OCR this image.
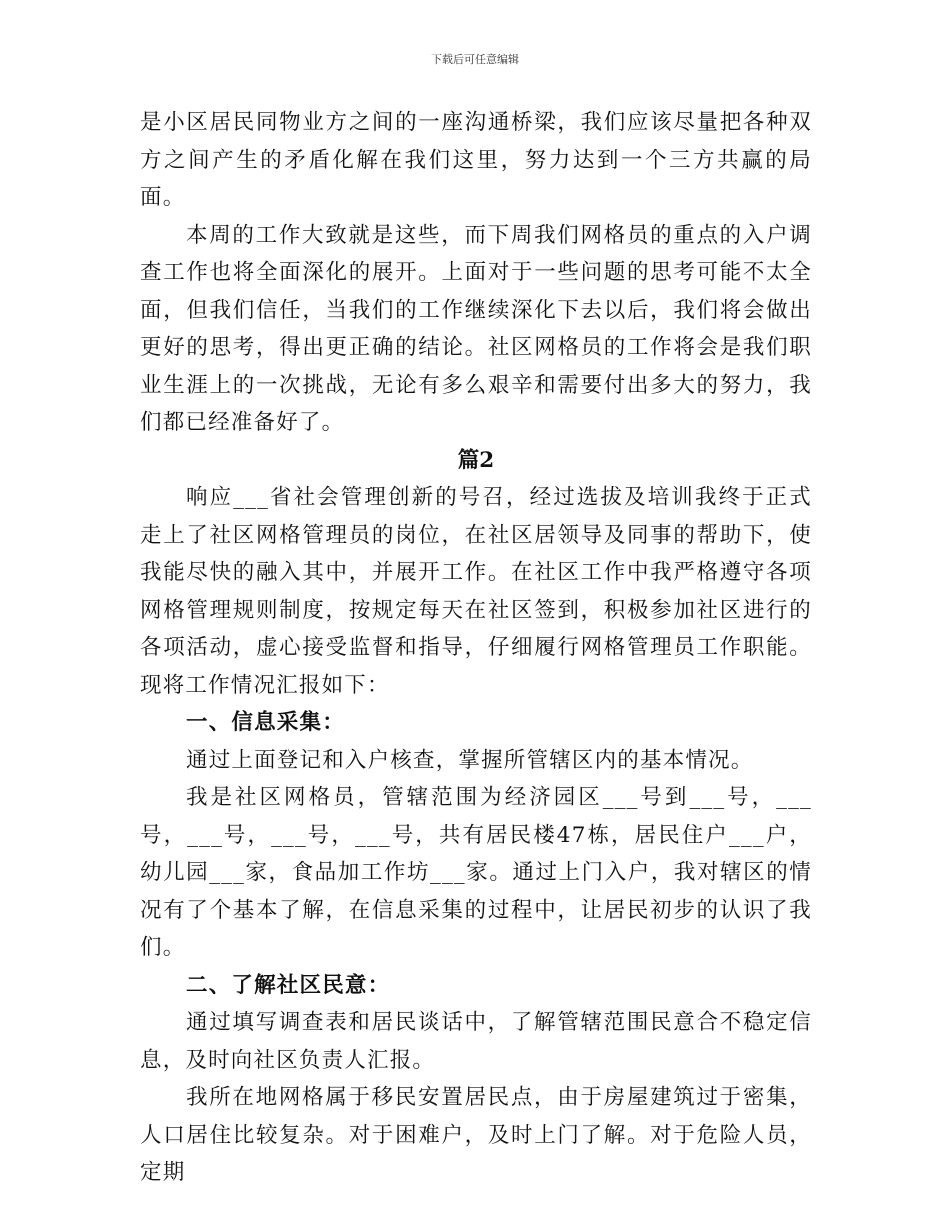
下载后可任意编辑

是小区居民同物业方之间的一座沟通桥梁，我们应该尽量把各种双方之间产生的矛盾化解在我们这里，努力达到一个三方共赢的局面。

本周的工作大致就是这些，而下周我们网格员的重点的入户调查工作也将全面深化的展开。上面对于一些问题的思考可能不太全面，但我们信任，当我们的工作继续深化下去以后，我们将会做出更好的思考，得出更正确的结论。社区网格员的工作将会是我们职业生涯上的一次挑战，无论有多么艰辛和需要付出多大的努力，我们都已经准备好了。

篇2

响应___省社会管理创新的号召，经过选拔及培训我终于正式走上了社区网格管理员的岗位，在社区居领导及同事的帮助下，使我能尽快的融入其中，并展开工作。在社区工作中我严格遵守各项网格管理规则制度，按规定每天在社区签到，积极参加社区进行的各项活动，虚心接受监督和指导，仔细履行网格管理员工作职能。现将工作情况汇报如下：

一、信息采集：

通过上面登记和入户核查，掌握所管辖区内的基本情况。

我是社区网格员，管辖范围为经济园区___号到___号，___号，___号，___号，___号，共有居民楼47栋，居民住户___户，幼儿园___家，食品加工作坊___家。通过上门入户，我对辖区的情况有了个基本了解，在信息采集的过程中，让居民初步的认识了我们。

二、了解社区民意：

通过填写调查表和居民谈话中，了解管辖范围民意合不稳定信息，及时向社区负责人汇报。

我所在地网格属于移民安置居民点，由于房屋建筑过于密集，人口居住比较复杂。对于困难户，及时上门了解。对于危险人员，定期
